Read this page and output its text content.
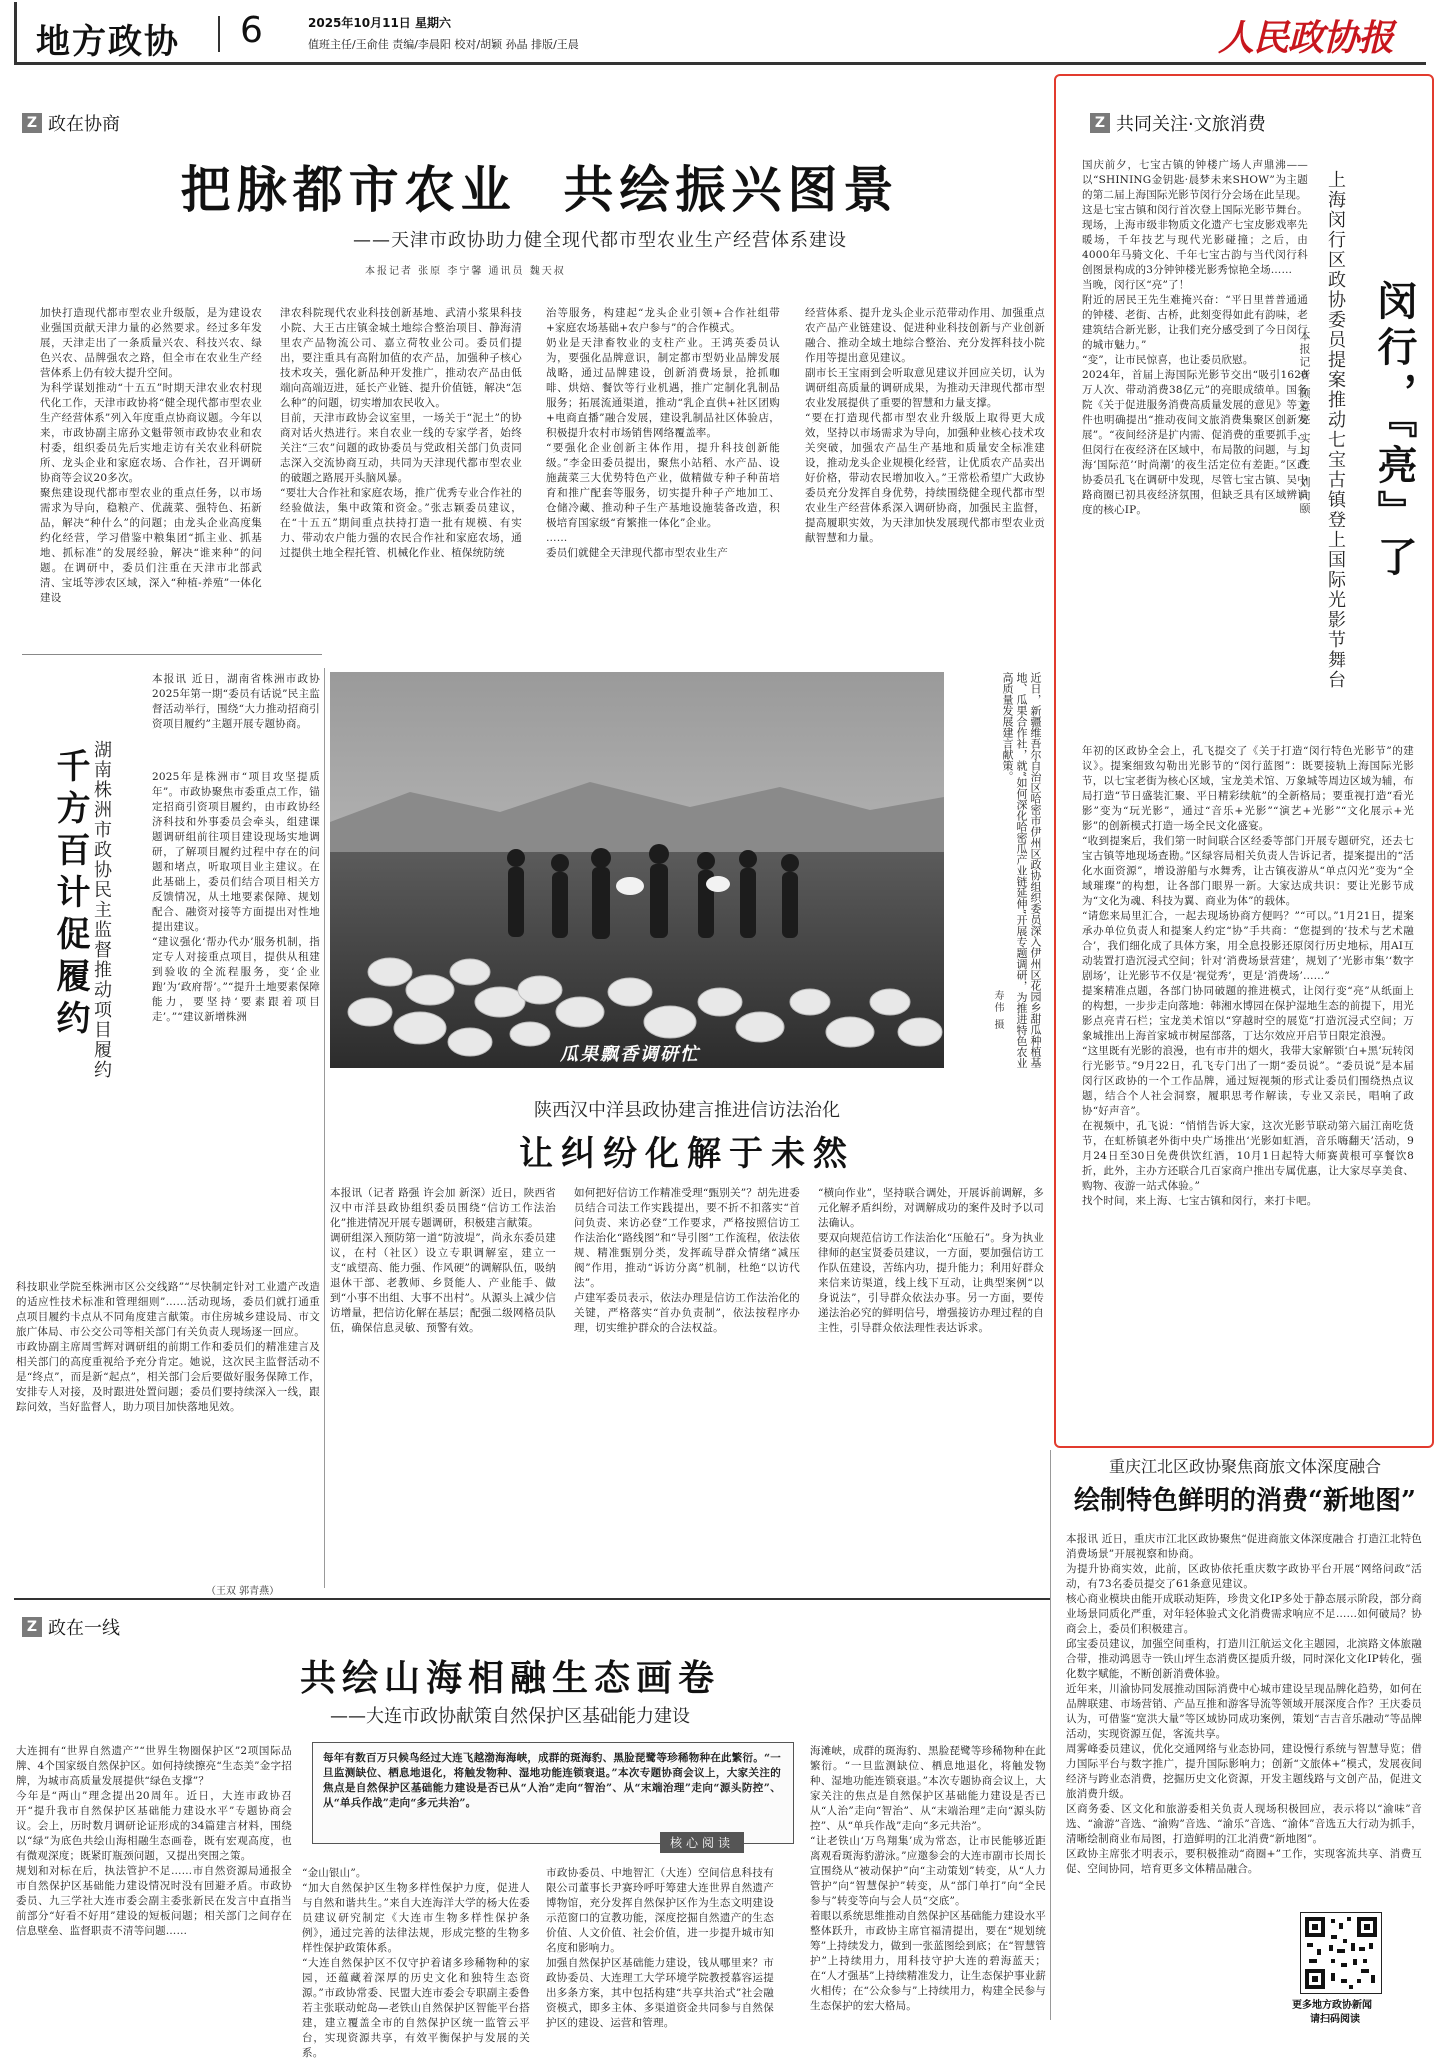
地方政协 6	2025年10月11日 星期六
值班主任/王俞佳 责编/李晨阳 校对/胡颖 孙晶 排版/王晨	人民政协报
Z 政在协商
把脉都市农业  共绘振兴图景
——天津市政协助力健全现代都市型农业生产经营体系建设
本报记者 张原 李宁馨 通讯员 魏天叔
加快打造现代都市型农业升级版，是为建设农业强国贡献天津力量的必然要求。经过多年发展，天津走出了一条质量兴农、科技兴农、绿色兴农、品牌强农之路，但全市在农业生产经营体系上仍有较大提升空间。
为科学谋划推动“十五五”时期天津农业农村现代化工作，天津市政协将“健全现代都市型农业生产经营体系”列入年度重点协商议题。今年以来，市政协副主席孙文魁带领市政协农业和农村委，组织委员先后实地走访有关农业科研院所、龙头企业和家庭农场、合作社，召开调研协商等会议20多次。
聚焦建设现代都市型农业的重点任务，以市场需求为导向，稳粮产、优蔬菜、强特色、拓新品，解决“种什么”的问题；由龙头企业高度集约化经营，学习借鉴中粮集团“抓主业、抓基地、抓标准”的发展经验，解决“谁来种”的问题。在调研中，委员们注重在天津市北部武清、宝坻等涉农区域，深入“种植-养殖”一体化建设
津农科院现代农业科技创新基地、武清小浆果科技小院、大王古庄镇金城土地综合整治项目、静海清里农产品物流公司、嘉立荷牧业公司。委员们提出，要注重具有高附加值的农产品，加强种子核心技术攻关，强化新品种开发推广，推动农产品由低端向高端迈进，延长产业链、提升价值链，解决“怎么种”的问题，切实增加农民收入。
目前，天津市政协会议室里，一场关于“泥土”的协商对话火热进行。来自农业一线的专家学者，始终关注“三农”问题的政协委员与党政相关部门负责同志深入交流协商互动，共同为天津现代都市型农业的破题之路展开头脑风暴。
“要壮大合作社和家庭农场，推广优秀专业合作社的经验做法，集中政策和资金。”张志颖委员建议，在“十五五”期间重点扶持打造一批有规模、有实力、带动农户能力强的农民合作社和家庭农场，通过提供土地全程托管、机械化作业、植保统防统
治等服务，构建起“龙头企业引领+合作社组带+家庭农场基础+农户参与”的合作模式。
奶业是天津畜牧业的支柱产业。王鸿英委员认为，要强化品牌意识，制定都市型奶业品牌发展战略，通过品牌建设，创新消费场景，抢抓咖啡、烘焙、餐饮等行业机遇，推广定制化乳制品服务；拓展流通渠道，推动“乳企直供+社区团购+电商直播”融合发展，建设乳制品社区体验店，积极提升农村市场销售网络覆盖率。
“要强化企业创新主体作用，提升科技创新能级。”李金田委员提出，聚焦小站稻、水产品、设施蔬菜三大优势特色产业，做精做专种子种苗培育和推广配套等服务，切实提升种子产地加工、仓储冷藏、推动种子生产基地设施装备改造，积极培育国家级“育繁推一体化”企业。
……
委员们就健全天津现代都市型农业生产
经营体系、提升龙头企业示范带动作用、加强重点农产品产业链建设、促进种业科技创新与产业创新融合、推动全域土地综合整治、充分发挥科技小院作用等提出意见建议。
副市长王宝雨到会听取意见建议并回应关切，认为调研组高质量的调研成果，为推动天津现代都市型农业发展提供了重要的智慧和力量支撑。
“要在打造现代都市型农业升级版上取得更大成效，坚持以市场需求为导向，加强种业核心技术攻关突破，加强农产品生产基地和质量安全标准建设，推动龙头企业规模化经营，让优质农产品卖出好价格，带动农民增加收入。”王常松希望广大政协委员充分发挥自身优势，持续围绕健全现代都市型农业生产经营体系深入调研协商，加强民主监督，提高履职实效，为天津加快发展现代都市型农业贡献智慧和力量。
千方百计促履约 湖南株洲市政协民主监督推动项目履约
本报讯 近日，湖南省株洲市政协2025年第一期“委员有话说”民主监督活动举行，围绕“大力推动招商引资项目履约”主题开展专题协商。
2025年是株洲市“项目攻坚提质年”。市政协聚焦市委重点工作，锚定招商引资项目履约，由市政协经济科技和外事委员会牵头，组建课题调研组前往项目建设现场实地调研，了解项目履约过程中存在的问题和堵点，听取项目业主建议。在此基础上，委员们结合项目相关方反馈情况，从土地要素保障、规划配合、融资对接等方面提出对性地提出建议。
“建议强化‘帮办代办’服务机制，指定专人对接重点项目，提供从租建到验收的全流程服务，变‘企业跑’为‘政府帮’。”“提升土地要素保障能力，要坚持‘要素跟着项目走’。”“建议新增株洲
科技职业学院至株洲市区公交线路”“尽快制定针对工业遗产改造的适应性技术标准和管理细则”……活动现场，委员们就打通重点项目履约卡点从不同角度建言献策。市住房城乡建设局、市文旅广体局、市公交公司等相关部门有关负责人现场逐一回应。
市政协副主席周雪辉对调研组的前期工作和委员们的精准建言及相关部门的高度重视给予充分肯定。她说，这次民主监督活动不是“终点”，而是新“起点”，相关部门会后要做好服务保障工作，安排专人对接，及时跟进处置问题；委员们要持续深入一线，跟踪问效，当好监督人，助力项目加快落地见效。
（王双 郭青燕）
瓜果飘香调研忙	近日，新疆维吾尔自治区哈密市伊州区政协组织委员深入伊州区花园乡甜瓜种植基地、瓜果合作社，就“如何深化哈密瓜产业链延伸”开展专题调研，为推进特色农业高质量发展建言献策。
寿伟 摄
陕西汉中洋县政协建言推进信访法治化
让纠纷化解于未然
本报讯（记者 路强 许会加 新深）近日，陕西省汉中市洋县政协组织委员围绕“信访工作法治化”推进情况开展专题调研，积极建言献策。
调研组深入预防第一道“防波堤”，尚永东委员建议，在村（社区）设立专职调解室，建立一支“戚望高、能力强、作风硬”的调解队伍，吸纳退休干部、老教师、乡贤能人、产业能手、做到“小事不出组、大事不出村”。从源头上减少信访增量，把信访化解在基层；配强二级网格员队伍，确保信息灵敏、预警有效。
如何把好信访工作精准受理“甄别关”？胡先进委员结合司法工作实践提出，要不折不扣落实“首问负责、来访必登”工作要求，严格按照信访工作法治化“路线图”和“导引图”工作流程，依法依规、精准甄别分类，发挥疏导群众情绪“减压阀”作用，推动“诉访分离”机制，杜绝“以访代法”。
卢建军委员表示，依法办理是信访工作法治化的关键，严格落实“首办负责制”，依法按程序办理，切实维护群众的合法权益。
“横向作业”，坚持联合调处，开展诉前调解，多元化解矛盾纠纷，对调解成功的案件及时予以司法确认。
要双向规范信访工作法治化“压舱石”。身为执业律师的赵宝贤委员建议，一方面，要加强信访工作队伍建设，苦练内功，提升能力；利用好群众来信来访渠道，线上线下互动，让典型案例“以身说法”，引导群众依法办事。另一方面，要传递法治必究的鲜明信号，增强接访办理过程的自主性，引导群众依法理性表达诉求。
Z 共同关注·文旅消费
国庆前夕，七宝古镇的钟楼广场人声鼎沸——以“SHINING金钥匙·晨梦未来SHOW”为主题的第二届上海国际光影节闵行分会场在此呈现。
这是七宝古镇和闵行首次登上国际光影节舞台。现场，上海市级非物质文化遗产七宝皮影戏率先暖场，千年技艺与现代光影碰撞；之后，由4000年马骑文化、千年七宝古韵与当代闵行科创图景构成的3分钟钟楼光影秀惊艳全场……
当晚，闵行区“亮”了！
附近的居民王先生难掩兴奋：“平日里普普通通的钟楼、老街、古桥，此刻变得如此有韵味，老建筑结合新光影，让我们充分感受到了今日闵行的城市魅力。”
“变”，让市民惊喜，也让委员欣慰。
2024年，首届上海国际光影节交出“吸引1620万人次、带动消费38亿元”的亮眼成绩单。国务院《关于促进服务消费高质量发展的意见》等文件也明确提出“推动夜间文旅消费集聚区创新发展”。“夜间经济是扩内需、促消费的重要抓手，但闵行在夜经济在区域中，布局散的问题，与上海‘国际范’‘时尚潮’的夜生活定位有差距。”区政协委员孔飞在调研中发现，尽管七宝古镇、吴中路商圈已初具夜经济氛围，但缺乏具有区域辨识度的核心IP。	闵行，『亮』了
上海闵行区政协委员提案推动七宝古镇登上国际光影节舞台
本报记者 顾意亮 实习生 刘向颐
年初的区政协全会上，孔飞提交了《关于打造“闵行特色光影节”的建议》。提案细致勾勒出光影节的“闵行蓝图”：既要接轨上海国际光影节，以七宝老街为核心区域，宝龙美术馆、万象城等周边区域为辅，布局打造“节日盛装汇聚、平日精彩续航”的全新格局；要重视打造“看光影”变为“玩光影”，通过“音乐+光影”“演艺+光影”“文化展示+光影”的创新模式打造一场全民文化盛宴。
“收到提案后，我们第一时间联合区经委等部门开展专题研究，还去七宝古镇等地现场查勘。”区绿容局相关负责人告诉记者，提案提出的“活化水面资源”，增设游船与水舞秀，让古镇夜游从“单点闪光”变为“全域璀璨”的构想，让各部门眼界一新。大家达成共识：要让光影节成为“文化为魂、科技为翼、商业为体”的载体。
“请您来局里汇合，一起去现场协商方便吗？”“可以。”1月21日，提案承办单位负责人和提案人约定“协”手共商：“您提到的‘技术与艺术融合’，我们细化成了具体方案，用全息投影还原闵行历史地标，用AI互动装置打造沉浸式空间；针对‘消费场景营建’，规划了‘光影市集’‘数字剧场’，让光影节不仅是‘视觉秀’，更是‘消费场’……”
提案精准点题，各部门协同破题的推进模式，让闵行变“亮”从纸面上的构想，一步步走向落地：韩湘水博园在保护湿地生态的前提下，用光影点亮青石栏；宝龙美术馆以“穿越时空的展览”打造沉浸式空间；万象城推出上海首家城市树屋部落，丁达尔效应开启节日限定浪漫。
“这里既有光影的浪漫，也有市井的烟火，我带大家解锁‘白+黑’玩转闵行光影节。”9月22日，孔飞专门出了一期“委员说”。“委员说”是本届闵行区政协的一个工作品牌，通过短视频的形式让委员们围绕热点议题，结合个人社会洞察，履职思考作解读，专业又亲民，唱响了政协“好声音”。
在视频中，孔飞说：“悄悄告诉大家，这次光影节联动第六届江南吃货节，在虹桥镇老外街中央广场推出‘光影如虹酒，音乐嗨翻天’活动，9月24日至30日免费供饮红酒，10月1日起特大师赛黄根可享餐饮8折，此外，主办方还联合几百家商户推出专属优惠，让大家尽享美食、购物、夜游一站式体验。”
找个时间，来上海、七宝古镇和闵行，来打卡吧。
重庆江北区政协聚焦商旅文体深度融合
绘制特色鲜明的消费“新地图”
本报讯 近日，重庆市江北区政协聚焦“促进商旅文体深度融合 打造江北特色消费场景”开展视察和协商。
为提升协商实效，此前，区政协依托重庆数字政协平台开展“网络问政”活动，有73名委员提交了61条意见建议。
核心商业模块由能开成联动矩阵，珍贵文化IP多处于静态展示阶段，部分商业场景同质化严重，对年轻体验式文化消费需求响应不足……如何破局？协商会上，委员们积极建言。
邱宝委员建议，加强空间重构，打造川江航运文化主题园，北滨路文体旅融合带，推动鸿恩寺一铁山坪生态消费区提质升级，同时深化文化IP转化，强化数字赋能，不断创新消费体验。
近年来，川渝协同发展推动国际消费中心城市建设呈现品牌化趋势，如何在品牌联建、市场营销、产品互推和游客导流等领域开展深度合作？王庆委员认为，可借鉴“宽洪大量”等区域协同成功案例，策划“吉吉音乐融动”等品牌活动，实现资源互促，客流共享。
周雾峰委员建议，优化交通网络与业态协同，建设慢行系统与智慧导览；借力国际平台与数字推广，提升国际影响力；创新“文旅体+”模式，发展夜间经济与跨业态消费，挖掘历史文化资源，开发主题线路与文创产品，促进文旅消费升级。
区商务委、区文化和旅游委相关负责人现场积极回应，表示将以“渝味”音选、“渝游”音选、“渝购”音选、“渝乐”音选、“渝体”音选五大行动为抓手，清晰绘制商业布局图，打造鲜明的江北消费“新地图”。
区政协主席张才明表示，要积极推动“商圈+”工作，实现客流共享、消费互促、空间协同，培育更多文体精品融合。
Z 政在一线
共绘山海相融生态画卷
——大连市政协献策自然保护区基础能力建设
大连拥有“世界自然遗产”“世界生物圈保护区”2项国际品牌、4个国家级自然保护区。如何持续擦亮“生态美”金字招牌，为城市高质量发展提供“绿色支撑”？
今年是“两山”理念提出20周年。近日，大连市政协召开“提升我市自然保护区基础能力建设水平”专题协商会议。会上，历时数月调研论证形成的34篇建言材料，围绕以“绿”为底色共绘山海相融生态画卷，既有宏观高度，也有微观深度；既紧盯瓶颈问题，又提出突围之策。
规划和对标在后，执法管护不足……市自然资源局通报全市自然保护区基础能力建设情况时没有回避矛盾。市政协委员、九三学社大连市委会副主委张新民在发言中直指当前部分“好看不好用”建设的短板问题；相关部门之间存在信息壁垒、监督职责不清等问题……
“金山银山”。
“加大自然保护区生物多样性保护力度，促进人与自然和谐共生。”来自大连海洋大学的杨大佐委员建议研究制定《大连市生物多样性保护条例》，通过完善的法律法规，形成完整的生物多样性保护政策体系。
“大连自然保护区不仅守护着诸多珍稀物种的家园，还蕴藏着深厚的历史文化和独特生态资源。”市政协常委、民盟大连市委会专职副主委鲁若主张联动蛇岛—老铁山自然保护区智能平台搭建，建立覆盖全市的自然保护区统一监管云平台，实现资源共享，有效平衡保护与发展的关系。
市政协委员、中地智汇（大连）空间信息科技有限公司董事长尹赛玲呼吁筹建大连世界自然遗产博物馆，充分发挥自然保护区作为生态文明建设示范窗口的宣教功能，深度挖掘自然遗产的生态价值、人文价值、社会价值，进一步提升城市知名度和影响力。
加强自然保护区基础能力建设，钱从哪里来？市政协委员、大连理工大学环境学院教授慕容运提出多条方案，其中包括构建“共享共治式”社会融资模式，即多主体、多渠道资金共同参与自然保护区的建设、运营和管理。
海滩峡，成群的斑海豹、黑脸琵鹭等珍稀物种在此繁衍。“一旦监测缺位、栖息地退化，将触发物种、湿地功能连锁衰退。”本次专题协商会议上，大家关注的焦点是自然保护区基础能力建设是否已从“人治”走向“智治”、从“末端治理”走向“源头防控”、从“单兵作战”走向“多元共治”。
“让老铁山‘万鸟翔集’成为常态，让市民能够近距离观看斑海豹游泳。”应邀参会的大连市副市长周长宣围绕从“被动保护”向“主动策划”转变，从“人力管护”向“智慧保护”转变，从“部门单打”向“全民参与”转变等向与会人员“交底”。
着眼以系统思维推动自然保护区基础能力建设水平整体跃升，市政协主席官福清提出，要在“规划统筹”上持续发力，做到一张蓝图绘到底；在“智慧管护”上持续用力，用科技守护大连的碧海蓝天；在“人才强基”上持续精准发力，让生态保护事业薪火相传；在“公众参与”上持续用力，构建全民参与生态保护的宏大格局。
每年有数百万只候鸟经过大连飞越渤海海峡，成群的斑海豹、黑脸琵鹭等珍稀物种在此繁衍。“一旦监测缺位、栖息地退化，将触发物种、湿地功能连锁衰退。”本次专题协商会议上，大家关注的焦点是自然保护区基础能力建设是否已从“人治”走向“智治”、从“末端治理”走向“源头防控”、从“单兵作战”走向“多元共治”。
核心阅读
更多地方政协新闻
请扫码阅读
